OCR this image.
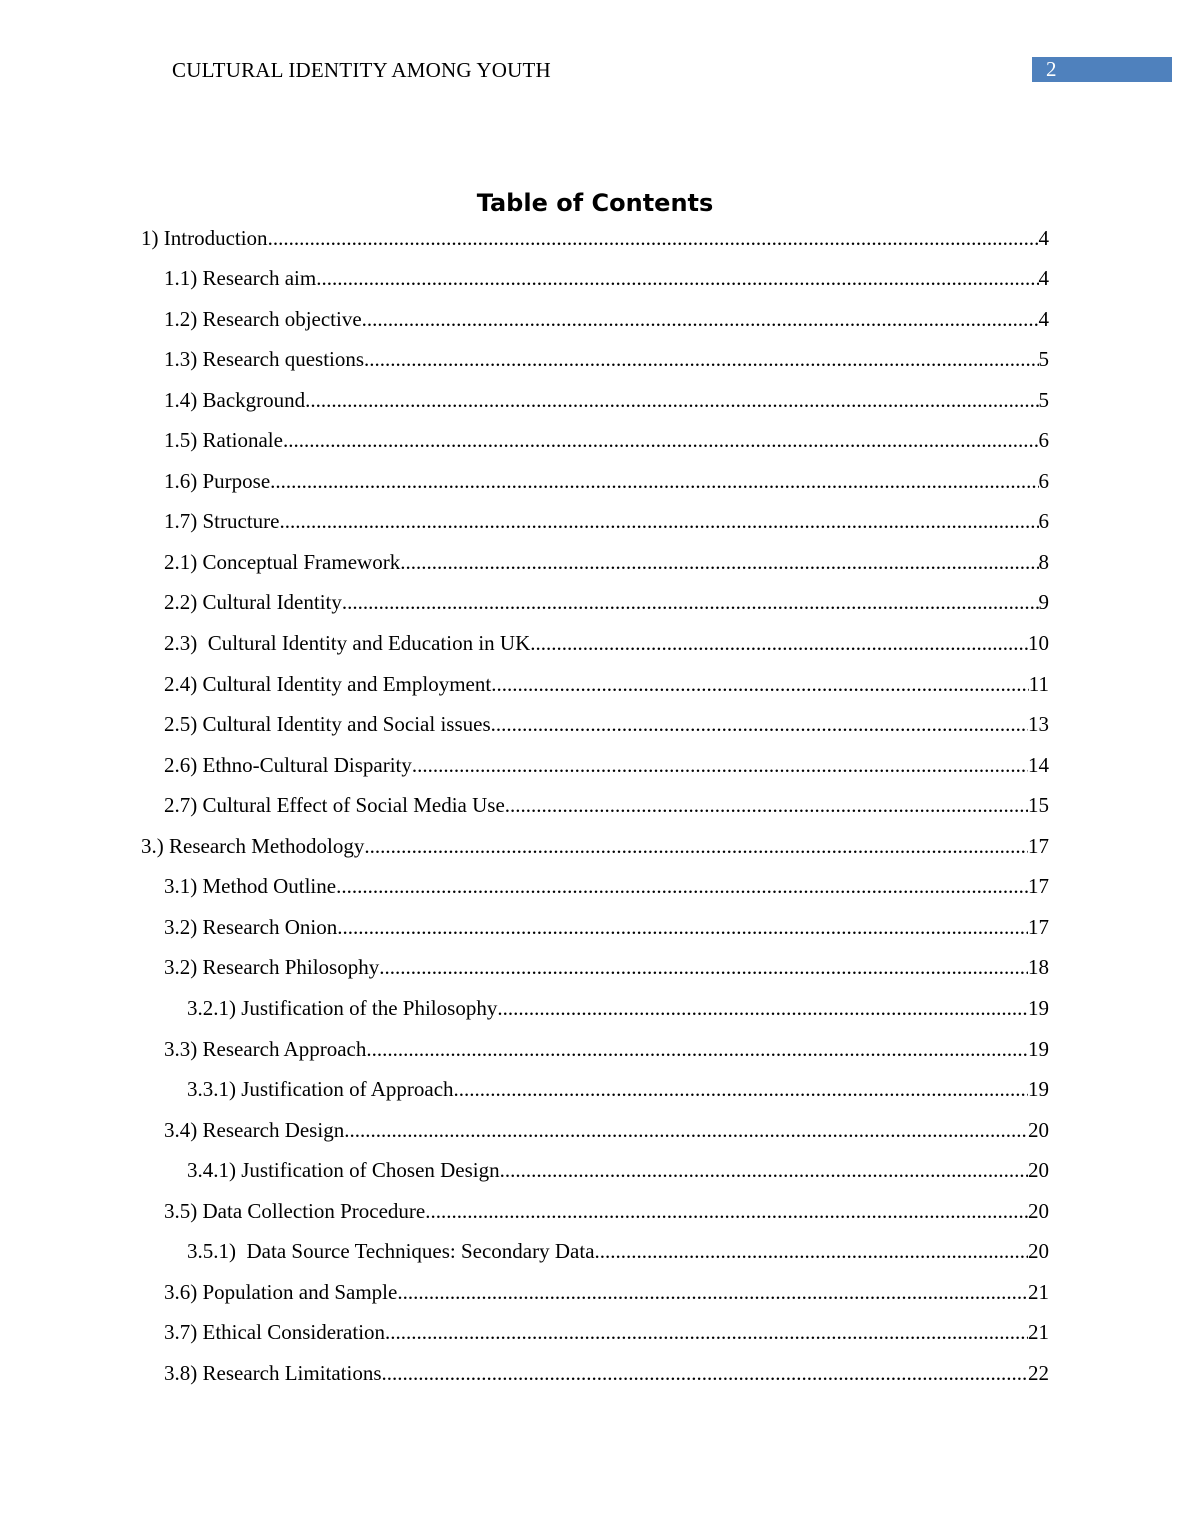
CULTURAL IDENTITY AMONG YOUTH	2
Table of Contents
1) Introduction .....	4
1.1) Research aim .....	4
1.2) Research objective .....	4
1.3) Research questions .....	5
1.4) Background .....	5
1.5) Rationale .....	6
1.6) Purpose .....	6
1.7) Structure .....	6
2.1) Conceptual Framework .....	8
2.2) Cultural Identity .....	9
2.3)  Cultural Identity and Education in UK .....	10
2.4) Cultural Identity and Employment .....	11
2.5) Cultural Identity and Social issues .....	13
2.6) Ethno-Cultural Disparity .....	14
2.7) Cultural Effect of Social Media Use .....	15
3.) Research Methodology .....	17
3.1) Method Outline .....	17
3.2) Research Onion .....	17
3.2) Research Philosophy .....	18
3.2.1) Justification of the Philosophy .....	19
3.3) Research Approach .....	19
3.3.1) Justification of Approach .....	19
3.4) Research Design .....	20
3.4.1) Justification of Chosen Design .....	20
3.5) Data Collection Procedure .....	20
3.5.1)  Data Source Techniques: Secondary Data .....	20
3.6) Population and Sample .....	21
3.7) Ethical Consideration .....	21
3.8) Research Limitations .....	22
